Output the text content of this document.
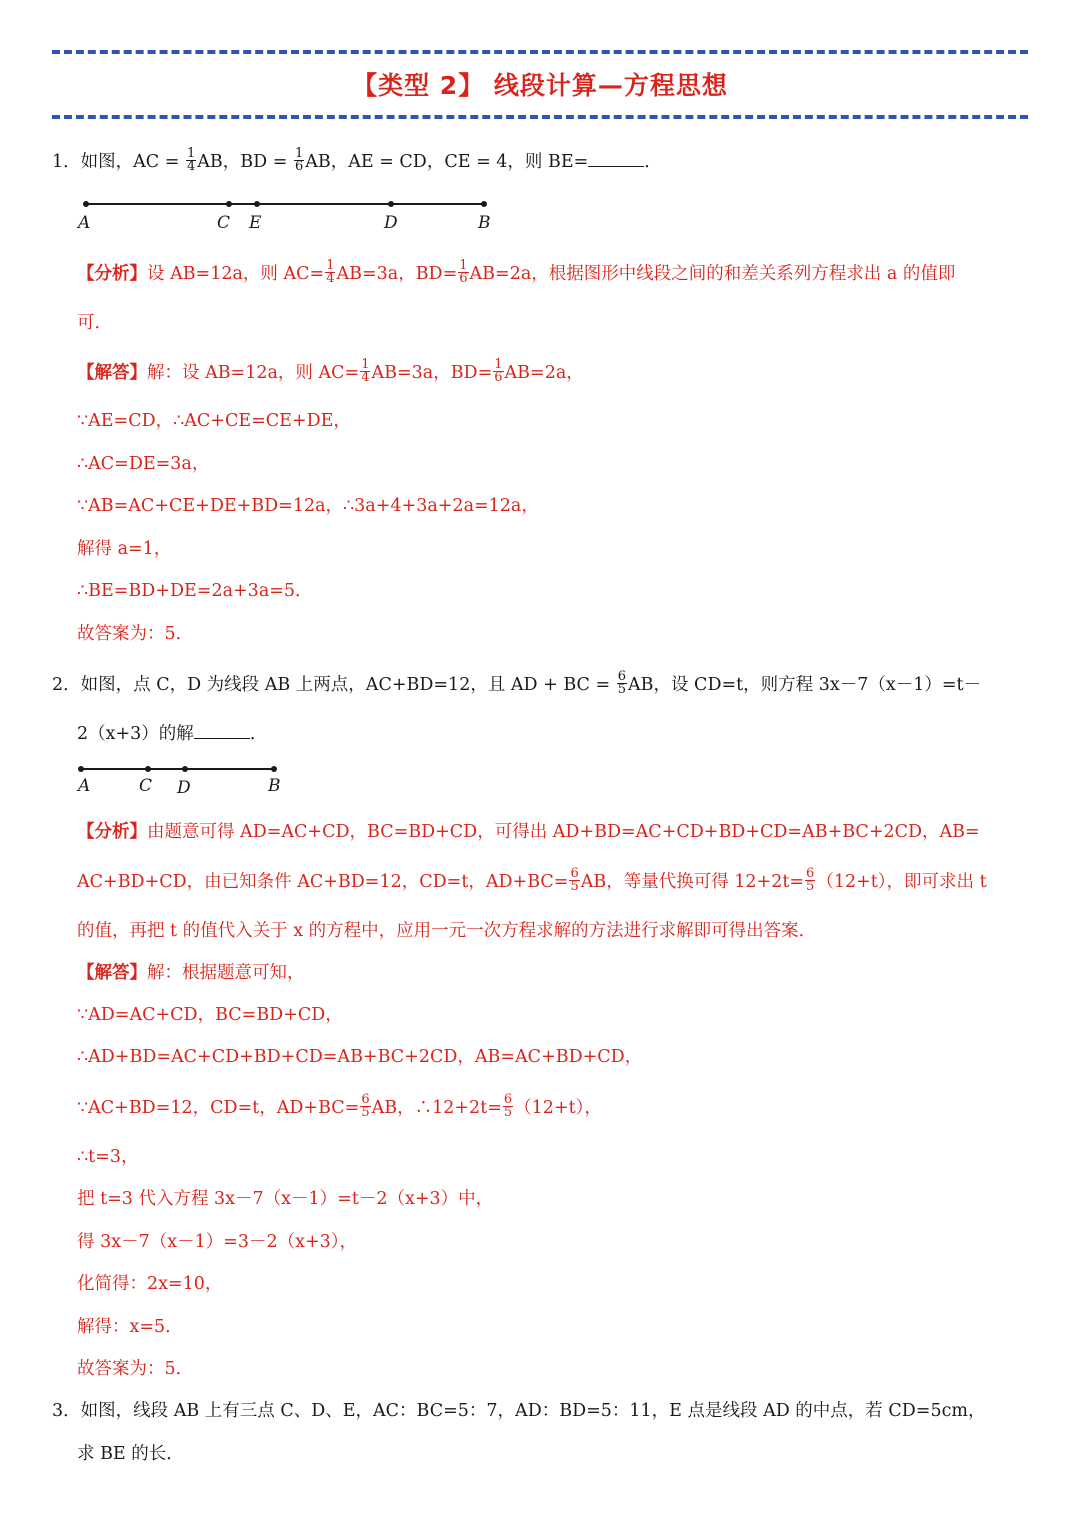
【类型 2】 线段计算—方程思想
1．如图，AC = $\frac{1}{4}$ AB，BD = $\frac{1}{6}$ AB，AE = CD，CE = 4，则 BE=	．
A	C E	D	B
【分析】设 AB=12a，则 $AC= \frac{1}{4} AB=3a$，$BD= \frac{1}{6} AB=2a$，根据图形中线段之间的和差关系列方程求出 a 的值即
可．
【解答】解：设 AB=12a，则 $AC= \frac{1}{4} AB=3a$，$BD= \frac{1}{6} AB=2a$，
∵AE=CD，∴AC+CE=CE+DE，
∴AC=DE=3a，
∵AB=AC+CE+DE+BD=12a，∴3a+4+3a+2a=12a，
解得 a=1，
∴BE=BD+DE=2a+3a=5．
故答案为：5．
2．如图，点 C，D 为线段 AB 上两点，AC+BD=12，且 AD + BC = $\frac{6}{5}$ AB，设 CD=t，则方程 3x－7（x－1）=t－
2（x+3）的解	．
A	C D	B
【分析】由题意可得 AD=AC+CD，BC=BD+CD，可得出 AD+BD=AC+CD+BD+CD=AB+BC+2CD，AB=
AC+BD+CD，由已知条件 AC+BD=12，CD=t，$AD+BC= \frac{6}{5}$ AB，等量代换可得 $12+2t= \frac{6}{5} (12+t)$，即可求出 t
的值，再把 t 的值代入关于 x 的方程中，应用一元一次方程求解的方法进行求解即可得出答案．
【解答】解：根据题意可知，
∵AD=AC+CD，BC=BD+CD，
∴AD+BD=AC+CD+BD+CD=AB+BC+2CD，AB=AC+BD+CD，
∵AC+BD=12，CD=t，$AD+BC= \frac{6}{5}$ AB，∴12+2t= $\frac{6}{5} (12+t)$，
∴t=3，
把 t=3 代入方程 3x－7（x－1）=t－2（x+3）中，
得 3x－7（x－1）=3－2（x+3），
化简得：2x=10，
解得：x=5．
故答案为：5．
3．如图，线段 AB 上有三点 C、D、E，AC：BC=5：7，AD：BD=5：11，E 点是线段 AD 的中点，若 CD=5cm，
求 BE 的长．
